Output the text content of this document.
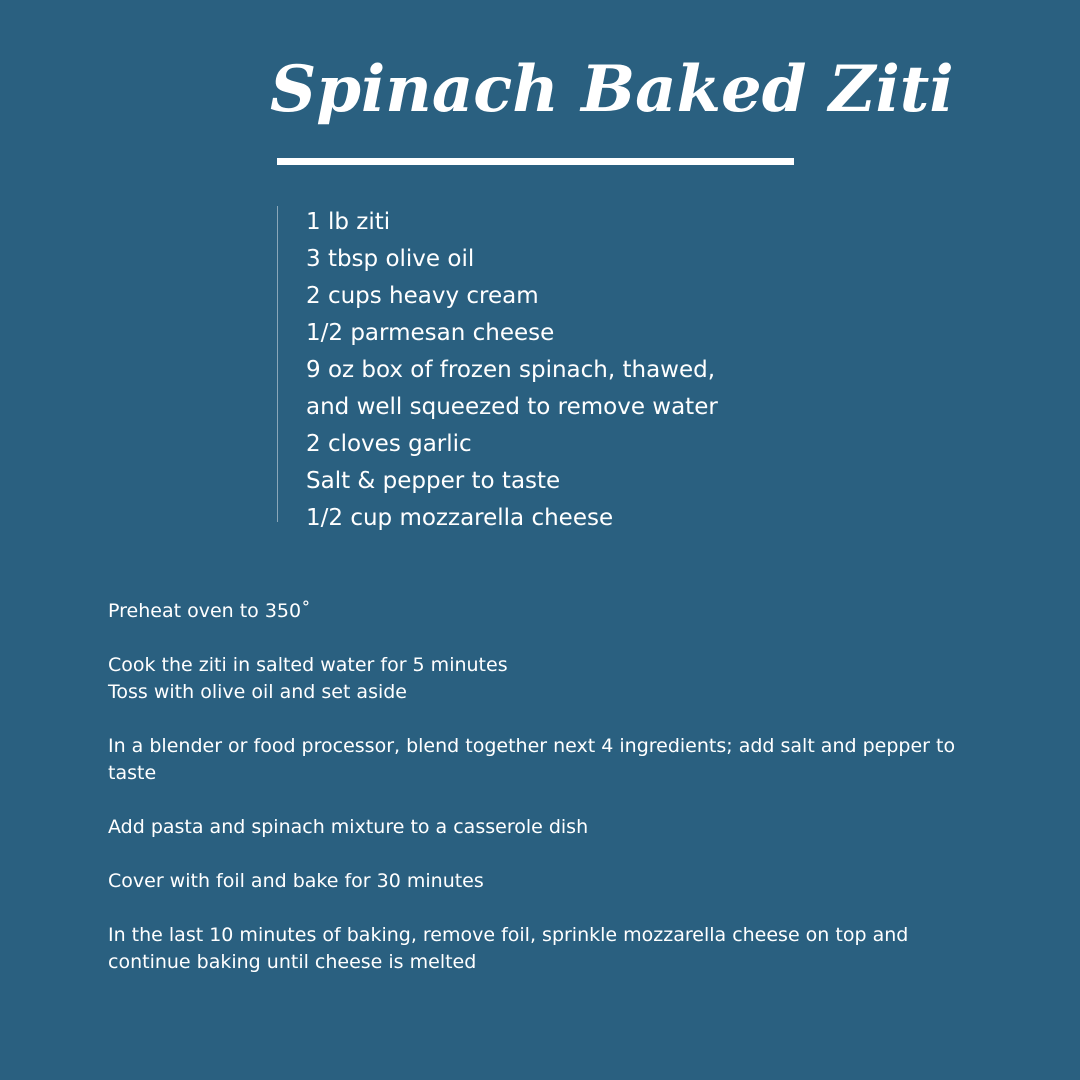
Spinach Baked Ziti
1 lb ziti
3 tbsp olive oil
2 cups heavy cream
1/2 parmesan cheese
9 oz box of frozen spinach, thawed,
and well squeezed to remove water
2 cloves garlic
Salt & pepper to taste
1/2 cup mozzarella cheese

Preheat oven to 350˚

Cook the ziti in salted water for 5 minutes
Toss with olive oil and set aside

In a blender or food processor, blend together next 4 ingredients; add salt and pepper to taste

Add pasta and spinach mixture to a casserole dish

Cover with foil and bake for 30 minutes

In the last 10 minutes of baking, remove foil, sprinkle mozzarella cheese on top and continue baking until cheese is melted
